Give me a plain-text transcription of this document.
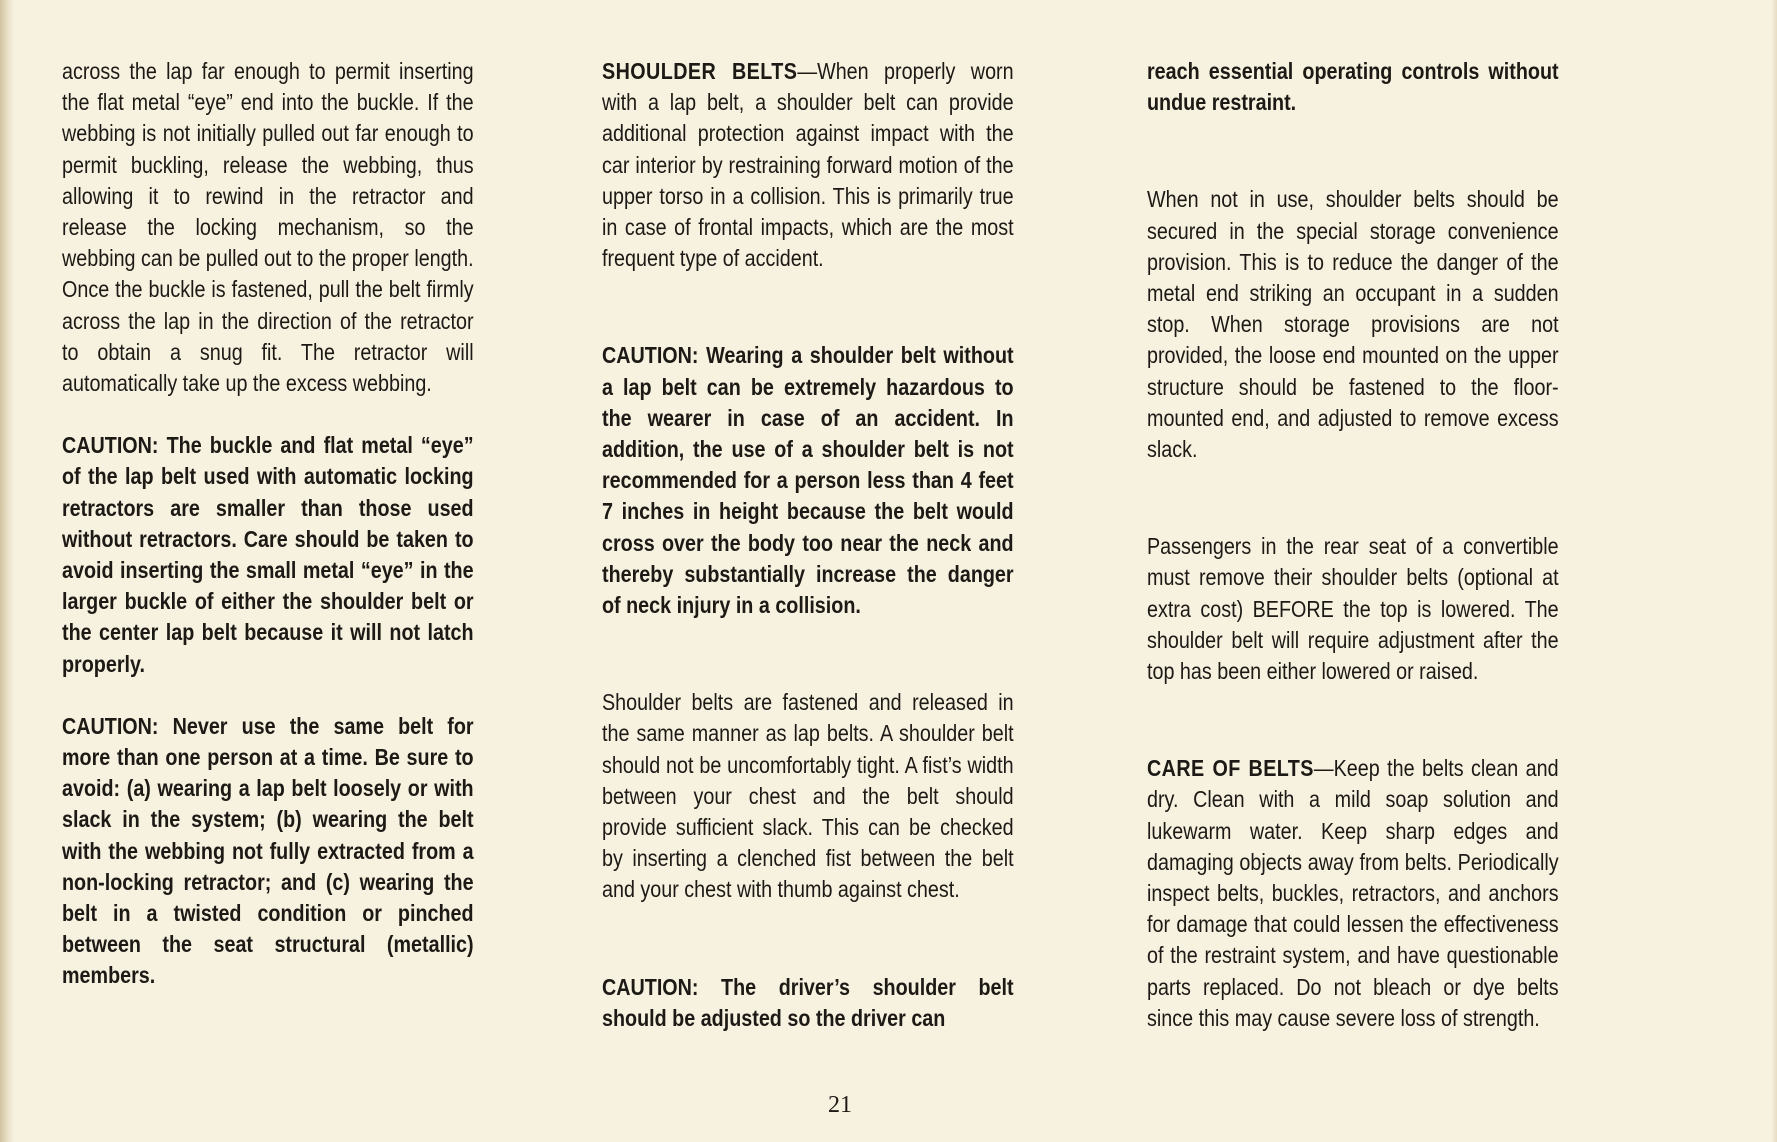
across the lap far enough to permit inserting the flat metal “eye” end into the buckle. If the webbing is not initially pulled out far enough to permit buckling, release the webbing, thus allowing it to rewind in the retractor and release the locking mechanism, so the webbing can be pulled out to the proper length. Once the buckle is fastened, pull the belt firmly across the lap in the direction of the retractor to obtain a snug fit. The retractor will automatically take up the excess webbing.

CAUTION: The buckle and flat metal “eye” of the lap belt used with automatic locking retractors are smaller than those used without retractors. Care should be taken to avoid inserting the small metal “eye” in the larger buckle of either the shoulder belt or the center lap belt because it will not latch properly.

CAUTION: Never use the same belt for more than one person at a time. Be sure to avoid: (a) wearing a lap belt loosely or with slack in the system; (b) wearing the belt with the webbing not fully extracted from a non-locking retractor; and (c) wearing the belt in a twisted condition or pinched between the seat structural (metallic) members.

SHOULDER BELTS—When properly worn with a lap belt, a shoulder belt can provide additional protection against impact with the car interior by restraining forward motion of the upper torso in a collision. This is primarily true in case of frontal impacts, which are the most frequent type of accident.

CAUTION: Wearing a shoulder belt without a lap belt can be extremely hazardous to the wearer in case of an accident. In addition, the use of a shoulder belt is not recommended for a person less than 4 feet 7 inches in height because the belt would cross over the body too near the neck and thereby substantially increase the danger of neck injury in a collision.

Shoulder belts are fastened and released in the same manner as lap belts. A shoulder belt should not be uncomfortably tight. A fist’s width between your chest and the belt should provide sufficient slack. This can be checked by inserting a clenched fist between the belt and your chest with thumb against chest.

CAUTION: The driver’s shoulder belt should be adjusted so the driver can

reach essential operating controls without undue restraint.

When not in use, shoulder belts should be secured in the special storage convenience provision. This is to reduce the danger of the metal end striking an occupant in a sudden stop. When storage provisions are not provided, the loose end mounted on the upper structure should be fastened to the floor-mounted end, and adjusted to remove excess slack.

Passengers in the rear seat of a convertible must remove their shoulder belts (optional at extra cost) BEFORE the top is lowered. The shoulder belt will require adjustment after the top has been either lowered or raised.

CARE OF BELTS—Keep the belts clean and dry. Clean with a mild soap solution and lukewarm water. Keep sharp edges and damaging objects away from belts. Periodically inspect belts, buckles, retractors, and anchors for damage that could lessen the effectiveness of the restraint system, and have questionable parts replaced. Do not bleach or dye belts since this may cause severe loss of strength.

21
